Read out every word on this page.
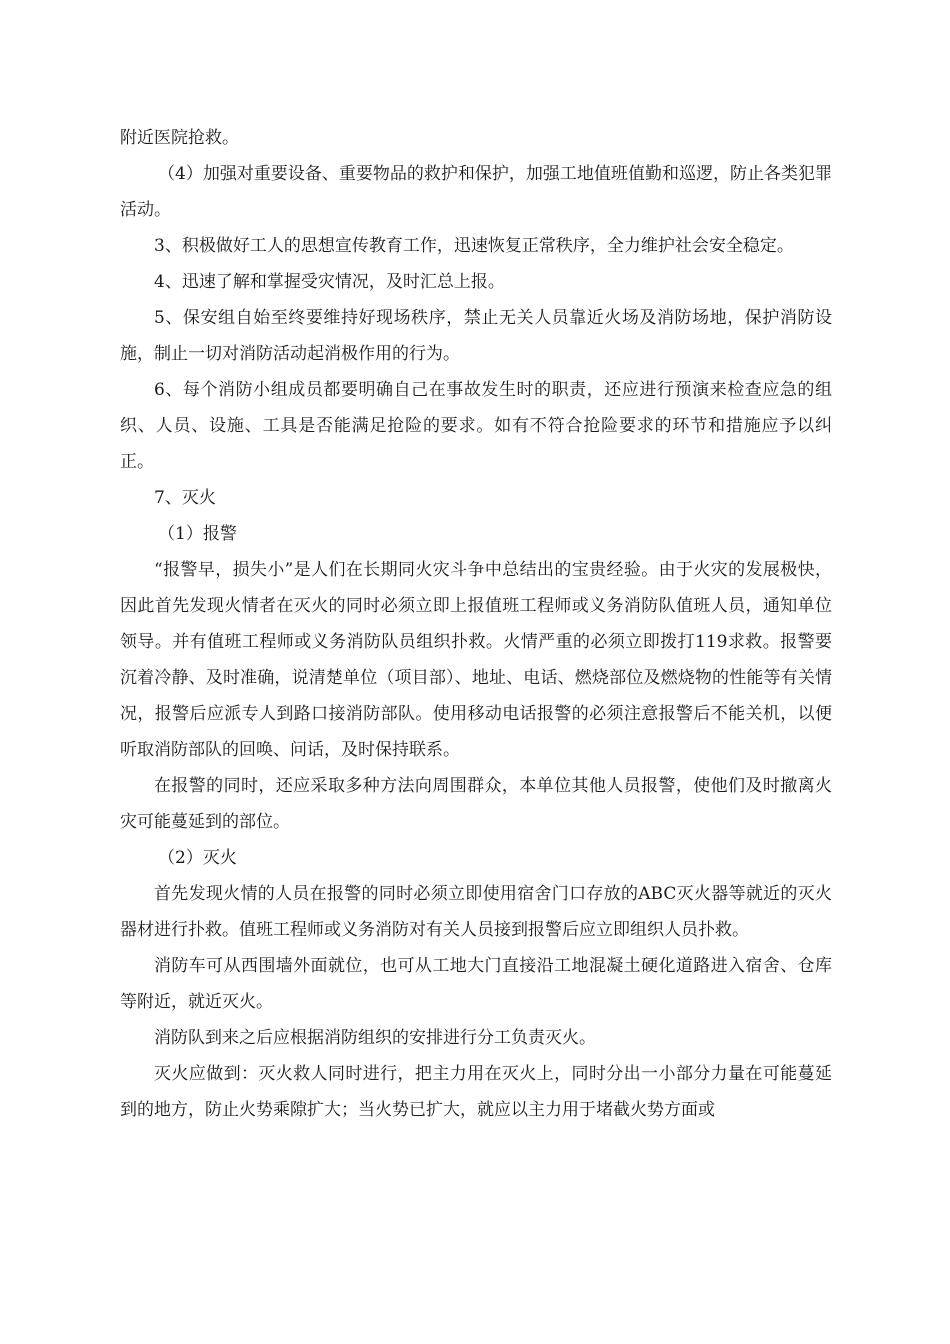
附近医院抢救。

（4）加强对重要设备、重要物品的救护和保护，加强工地值班值勤和巡逻，防止各类犯罪活动。

3、积极做好工人的思想宣传教育工作，迅速恢复正常秩序，全力维护社会安全稳定。

4、迅速了解和掌握受灾情况，及时汇总上报。

5、保安组自始至终要维持好现场秩序，禁止无关人员靠近火场及消防场地，保护消防设施，制止一切对消防活动起消极作用的行为。

6、每个消防小组成员都要明确自己在事故发生时的职责，还应进行预演来检查应急的组织、人员、设施、工具是否能满足抢险的要求。如有不符合抢险要求的环节和措施应予以纠正。

7、灭火

（1）报警

“报警早，损失小”是人们在长期同火灾斗争中总结出的宝贵经验。由于火灾的发展极快，因此首先发现火情者在灭火的同时必须立即上报值班工程师或义务消防队值班人员，通知单位领导。并有值班工程师或义务消防队员组织扑救。火情严重的必须立即拨打119求救。报警要沉着冷静、及时准确，说清楚单位（项目部）、地址、电话、燃烧部位及燃烧物的性能等有关情况，报警后应派专人到路口接消防部队。使用移动电话报警的必须注意报警后不能关机，以便听取消防部队的回唤、问话，及时保持联系。

在报警的同时，还应采取多种方法向周围群众，本单位其他人员报警，使他们及时撤离火灾可能蔓延到的部位。

（2）灭火

首先发现火情的人员在报警的同时必须立即使用宿舍门口存放的ABC灭火器等就近的灭火器材进行扑救。值班工程师或义务消防对有关人员接到报警后应立即组织人员扑救。

消防车可从西围墙外面就位，也可从工地大门直接沿工地混凝土硬化道路进入宿舍、仓库等附近，就近灭火。

消防队到来之后应根据消防组织的安排进行分工负责灭火。

灭火应做到：灭火救人同时进行，把主力用在灭火上，同时分出一小部分力量在可能蔓延到的地方，防止火势乘隙扩大；当火势已扩大，就应以主力用于堵截火势方面或
